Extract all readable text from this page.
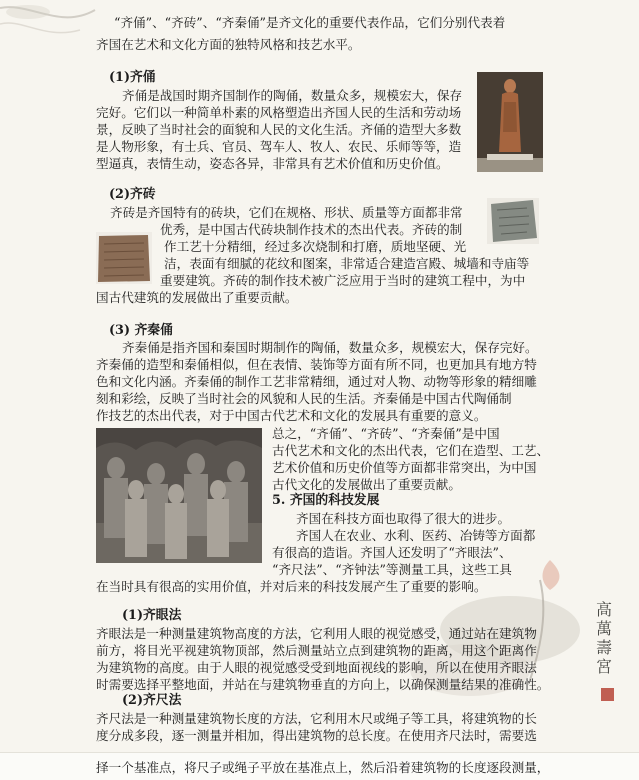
“齐俑”、“齐砖”、“齐秦俑”是齐文化的重要代表作品，它们分别代表着

齐国在艺术和文化方面的独特风格和技艺水平。

(1)齐俑

齐俑是战国时期齐国制作的陶俑，数量众多，规模宏大，保存

完好。它们以一种简单朴素的风格塑造出齐国人民的生活和劳动场

景，反映了当时社会的面貌和人民的文化生活。齐俑的造型大多数

是人物形象，有士兵、官员、驾车人、牧人、农民、乐师等等，造

型逼真，表情生动，姿态各异，非常具有艺术价值和历史价值。

(2)齐砖

齐砖是齐国特有的砖块，它们在规格、形状、质量等方面都非常

优秀，是中国古代砖块制作技术的杰出代表。齐砖的制

作工艺十分精细，经过多次烧制和打磨，质地坚硬、光

洁，表面有细腻的花纹和图案，非常适合建造宫殿、城墙和寺庙等

重要建筑。齐砖的制作技术被广泛应用于当时的建筑工程中，为中

国古代建筑的发展做出了重要贡献。

(3) 齐秦俑

齐秦俑是指齐国和秦国时期制作的陶俑，数量众多，规模宏大，保存完好。

齐秦俑的造型和秦俑相似，但在表情、装饰等方面有所不同，也更加具有地方特

色和文化内涵。齐秦俑的制作工艺非常精细，通过对人物、动物等形象的精细雕

刻和彩绘，反映了当时社会的风貌和人民的生活。齐秦俑是中国古代陶俑制

作技艺的杰出代表，对于中国古代艺术和文化的发展具有重要的意义。

总之，“齐俑”、“齐砖”、“齐秦俑”是中国

古代艺术和文化的杰出代表，它们在造型、工艺、

艺术价值和历史价值等方面都非常突出，为中国

古代文化的发展做出了重要贡献。

5. 齐国的科技发展

齐国在科技方面也取得了很大的进步。

齐国人在农业、水利、医药、冶铸等方面都

有很高的造诣。齐国人还发明了“齐眼法”、

“齐尺法”、“齐钟法”等测量工具，这些工具

在当时具有很高的实用价值，并对后来的科技发展产生了重要的影响。

高萬壽宮
(1)齐眼法

齐眼法是一种测量建筑物高度的方法，它利用人眼的视觉感受，通过站在建筑物

前方，将目光平视建筑物顶部，然后测量站立点到建筑物的距离，用这个距离作

为建筑物的高度。由于人眼的视觉感受受到地面视线的影响，所以在使用齐眼法

时需要选择平整地面，并站在与建筑物垂直的方向上，以确保测量结果的准确性。

(2)齐尺法

齐尺法是一种测量建筑物长度的方法，它利用木尺或绳子等工具，将建筑物的长

度分成多段，逐一测量并相加，得出建筑物的总长度。在使用齐尺法时，需要选

择一个基准点，将尺子或绳子平放在基准点上，然后沿着建筑物的长度逐段测量，
